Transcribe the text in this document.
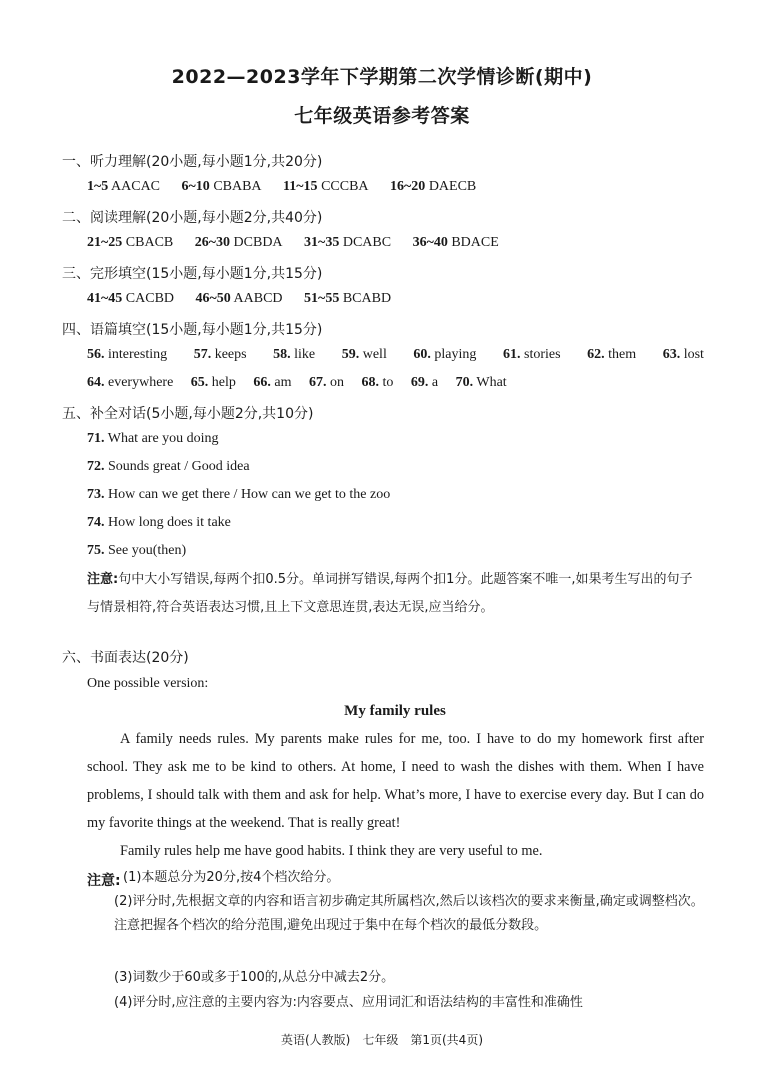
2022—2023学年下学期第二次学情诊断(期中)
七年级英语参考答案
一、听力理解(20小题,每小题1分,共20分)
1~5 AACAC 6~10 CBABA 11~15 CCCBA 16~20 DAECB
二、阅读理解(20小题,每小题2分,共40分)
21~25 CBACB 26~30 DCBDA 31~35 DCABC 36~40 BDACE
三、完形填空(15小题,每小题1分,共15分)
41~45 CACBD 46~50 AABCD 51~55 BCABD
四、语篇填空(15小题,每小题1分,共15分)
56. interesting 57. keeps 58. like 59. well 60. playing 61. stories 62. them 63. lost
64. everywhere 65. help 66. am 67. on 68. to 69. a 70. What
五、补全对话(5小题,每小题2分,共10分)
71. What are you doing
72. Sounds great / Good idea
73. How can we get there / How can we get to the zoo
74. How long does it take
75. See you(then)
注意:句中大小写错误,每两个扣0.5分。单词拼写错误,每两个扣1分。此题答案不唯一,如果考生写出的句子与情景相符,符合英语表达习惯,且上下文意思连贯,表达无误,应当给分。
六、书面表达(20分)
One possible version:
My family rules
A family needs rules. My parents make rules for me, too. I have to do my homework first after school. They ask me to be kind to others. At home, I need to wash the dishes with them. When I have problems, I should talk with them and ask for help. What’s more, I have to exercise every day. But I can do my favorite things at the weekend. That is really great!
Family rules help me have good habits. I think they are very useful to me.
注意: (1)本题总分为20分,按4个档次给分。
(2)评分时,先根据文章的内容和语言初步确定其所属档次,然后以该档次的要求来衡量,确定或调整档次。注意把握各个档次的给分范围,避免出现过于集中在每个档次的最低分数段。
(3)词数少于60或多于100的,从总分中减去2分。
(4)评分时,应注意的主要内容为:内容要点、应用词汇和语法结构的丰富性和准确性
英语(人教版)　七年级　第1页(共4页)
